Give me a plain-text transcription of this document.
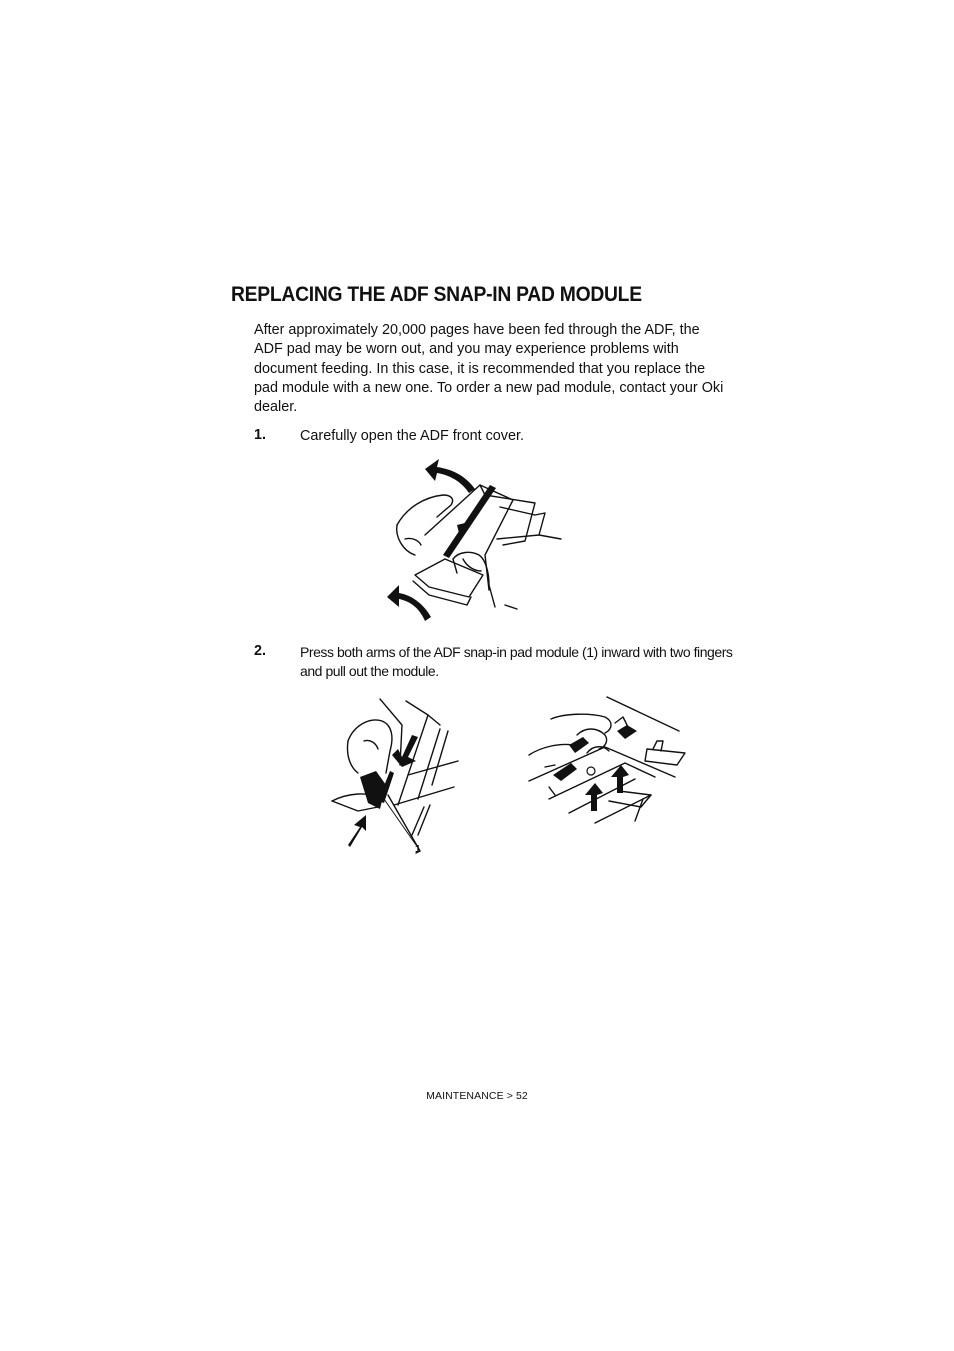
REPLACING THE ADF SNAP-IN PAD MODULE

After approximately 20,000 pages have been fed through the ADF, the ADF pad may be worn out, and you may experience problems with document feeding. In this case, it is recommended that you replace the pad module with a new one. To order a new pad module, contact your Oki dealer.

1. Carefully open the ADF front cover.
2. Press both arms of the ADF snap-in pad module (1) inward with two fingers and pull out the module.
1
MAINTENANCE > 52
